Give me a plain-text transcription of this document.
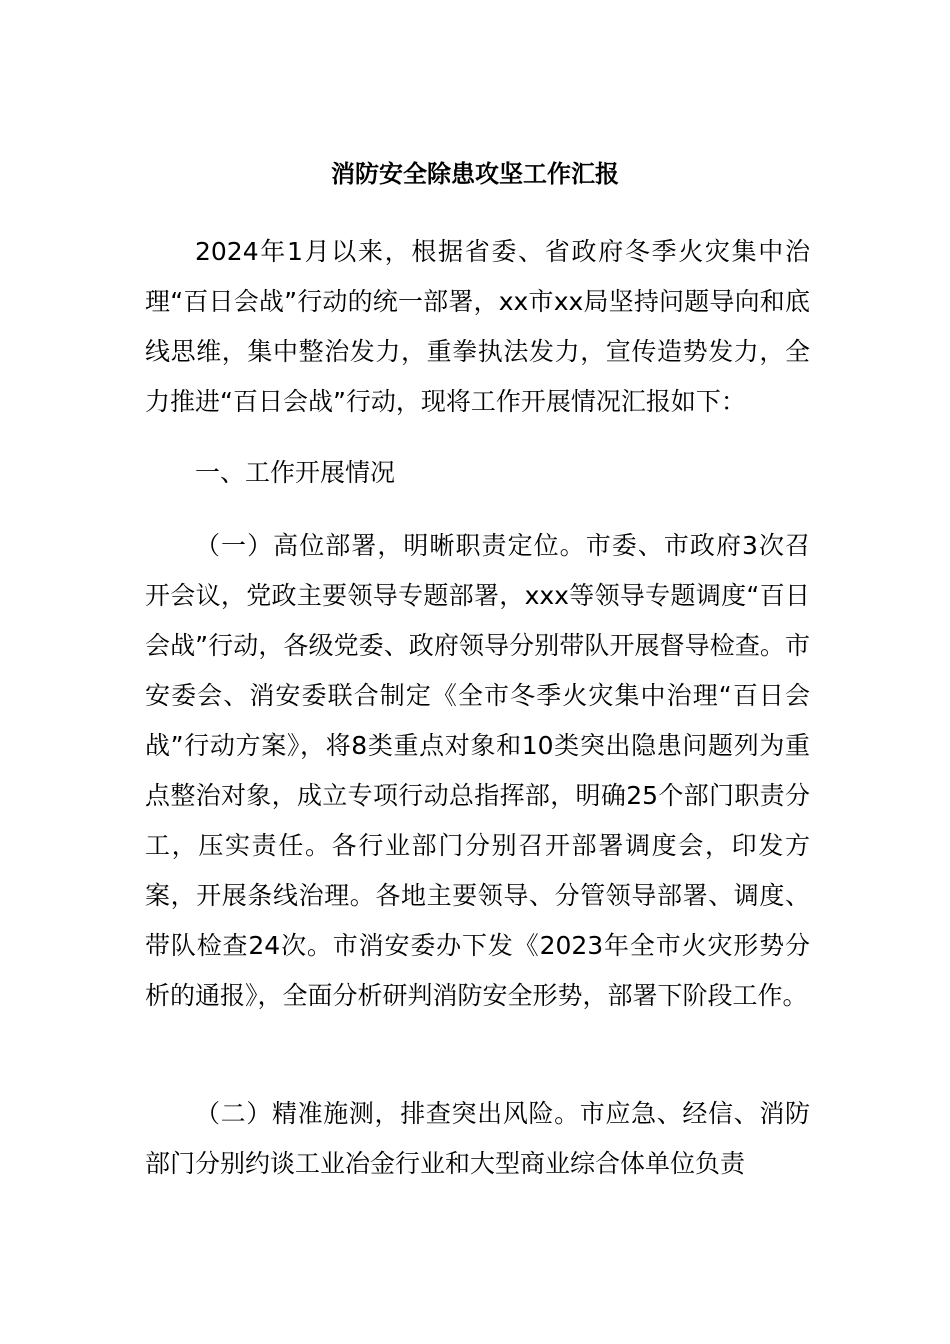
消防安全除患攻坚工作汇报

2024年1月以来，根据省委、省政府冬季火灾集中治理“百日会战”行动的统一部署，xx市xx局坚持问题导向和底线思维，集中整治发力，重拳执法发力，宣传造势发力，全力推进“百日会战”行动，现将工作开展情况汇报如下：

一、工作开展情况

（一）高位部署，明晰职责定位。市委、市政府3次召开会议，党政主要领导专题部署，xxx等领导专题调度“百日会战”行动，各级党委、政府领导分别带队开展督导检查。市安委会、消安委联合制定《全市冬季火灾集中治理“百日会战”行动方案》，将8类重点对象和10类突出隐患问题列为重点整治对象，成立专项行动总指挥部，明确25个部门职责分工，压实责任。各行业部门分别召开部署调度会，印发方案，开展条线治理。各地主要领导、分管领导部署、调度、带队检查24次。市消安委办下发《2023年全市火灾形势分析的通报》，全面分析研判消防安全形势，部署下阶段工作。

（二）精准施测，排查突出风险。市应急、经信、消防部门分别约谈工业冶金行业和大型商业综合体单位负责
